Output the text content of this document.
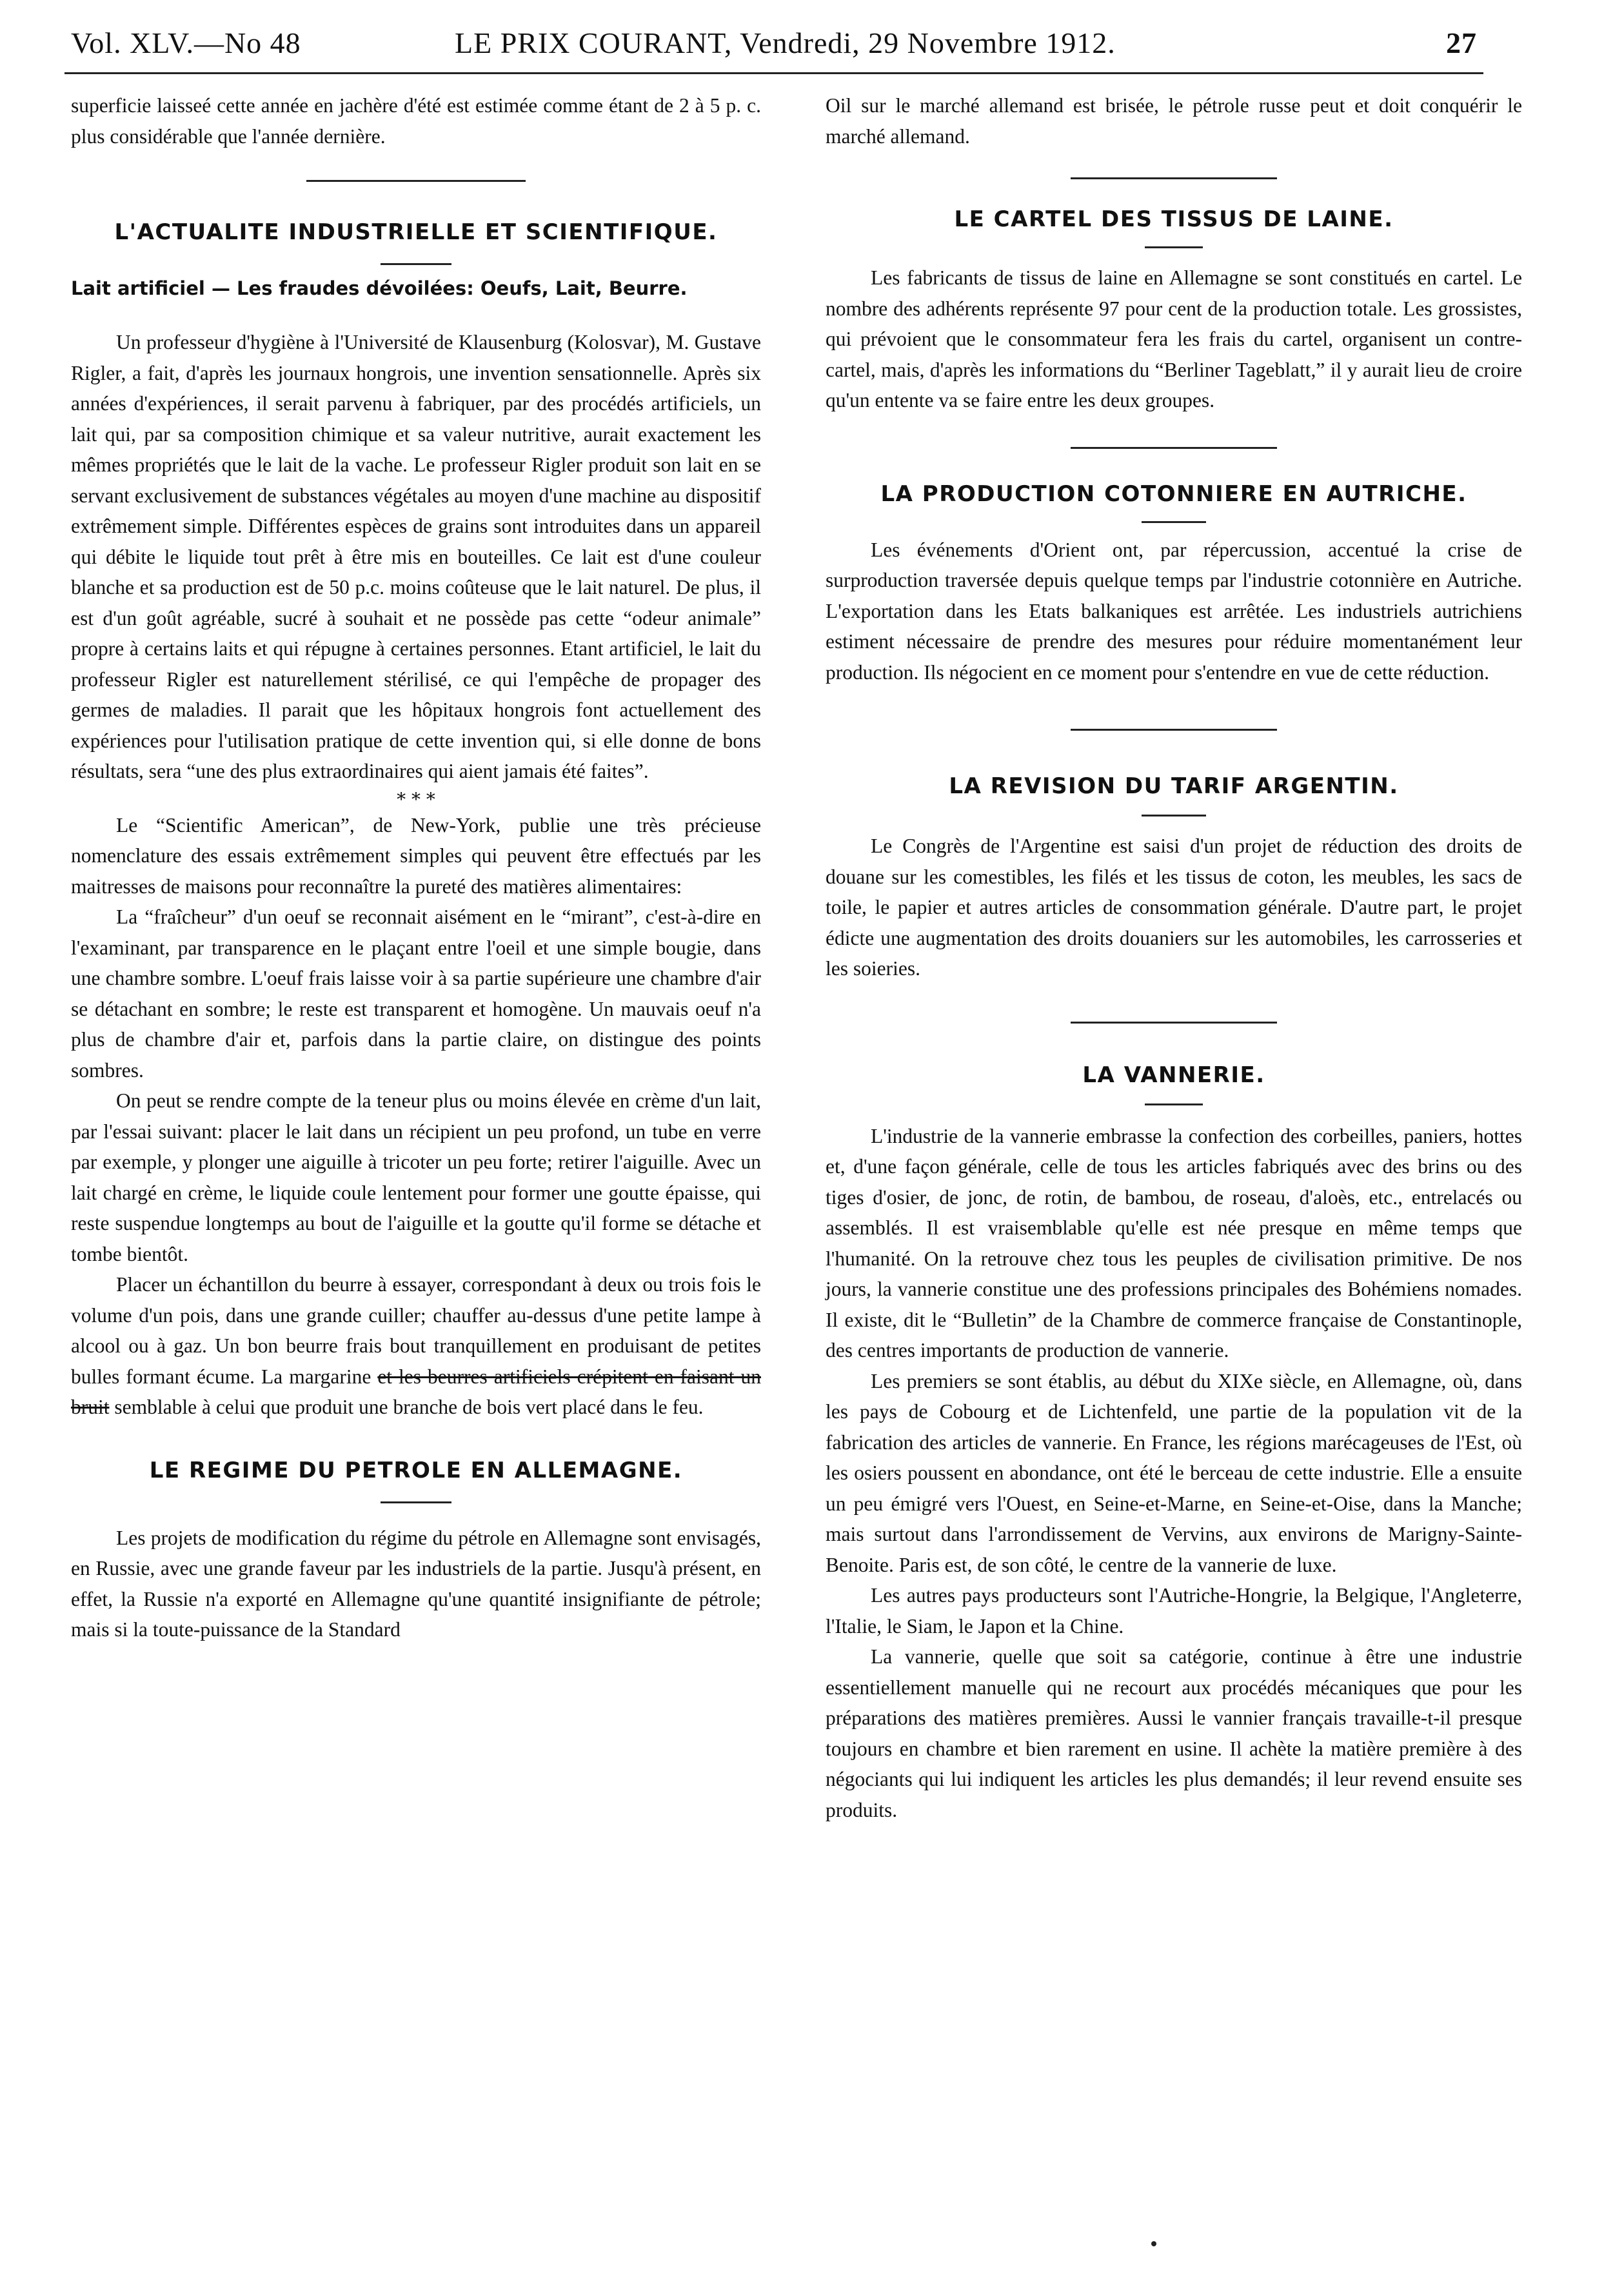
Vol. XLV.—No 48	LE PRIX COURANT, Vendredi, 29 Novembre 1912.	27

superficie laisseé cette année en jachère d'été est estimée comme étant de 2 à 5 p. c. plus considérable que l'année dernière.

L'ACTUALITE INDUSTRIELLE ET SCIENTIFIQUE.
Lait artificiel — Les fraudes dévoilées: Oeufs, Lait, Beurre.

Un professeur d'hygiène à l'Université de Klausenburg (Kolosvar), M. Gustave Rigler, a fait, d'après les journaux hongrois, une invention sensationnelle. Après six années d'expériences, il serait parvenu à fabriquer, par des procédés artificiels, un lait qui, par sa composition chimique et sa valeur nutritive, aurait exactement les mêmes propriétés que le lait de la vache. Le professeur Rigler produit son lait en se servant exclusivement de substances végétales au moyen d'une machine au dispositif extrêmement simple. Différentes espèces de grains sont introduites dans un appareil qui débite le liquide tout prêt à être mis en bouteilles. Ce lait est d'une couleur blanche et sa production est de 50 p.c. moins coûteuse que le lait naturel. De plus, il est d'un goût agréable, sucré à souhait et ne possède pas cette “odeur animale” propre à certains laits et qui répugne à certaines personnes. Etant artificiel, le lait du professeur Rigler est naturellement stérilisé, ce qui l'empêche de propager des germes de maladies. Il parait que les hôpitaux hongrois font actuellement des expériences pour l'utilisation pratique de cette invention qui, si elle donne de bons résultats, sera “une des plus extraordinaires qui aient jamais été faites”.

* * *

Le “Scientific American”, de New-York, publie une très précieuse nomenclature des essais extrêmement simples qui peuvent être effectués par les maitresses de maisons pour reconnaître la pureté des matières alimentaires:

La “fraîcheur” d'un oeuf se reconnait aisément en le “mirant”, c'est-à-dire en l'examinant, par transparence en le plaçant entre l'oeil et une simple bougie, dans une chambre sombre. L'oeuf frais laisse voir à sa partie supérieure une chambre d'air se détachant en sombre; le reste est transparent et homogène. Un mauvais oeuf n'a plus de chambre d'air et, parfois dans la partie claire, on distingue des points sombres.

On peut se rendre compte de la teneur plus ou moins élevée en crème d'un lait, par l'essai suivant: placer le lait dans un récipient un peu profond, un tube en verre par exemple, y plonger une aiguille à tricoter un peu forte; retirer l'aiguille. Avec un lait chargé en crème, le liquide coule lentement pour former une goutte épaisse, qui reste suspendue longtemps au bout de l'aiguille et la goutte qu'il forme se détache et tombe bientôt.

Placer un échantillon du beurre à essayer, correspondant à deux ou trois fois le volume d'un pois, dans une grande cuiller; chauffer au-dessus d'une petite lampe à alcool ou à gaz. Un bon beurre frais bout tranquillement en produisant de petites bulles formant écume. La margarine et les beurres artificiels crépitent en faisant un bruit semblable à celui que produit une branche de bois vert placé dans le feu.

LE REGIME DU PETROLE EN ALLEMAGNE.

Les projets de modification du régime du pétrole en Allemagne sont envisagés, en Russie, avec une grande faveur par les industriels de la partie. Jusqu'à présent, en effet, la Russie n'a exporté en Allemagne qu'une quantité insignifiante de pétrole; mais si la toute-puissance de la Standard

Oil sur le marché allemand est brisée, le pétrole russe peut et doit conquérir le marché allemand.

LE CARTEL DES TISSUS DE LAINE.

Les fabricants de tissus de laine en Allemagne se sont constitués en cartel. Le nombre des adhérents représente 97 pour cent de la production totale. Les grossistes, qui prévoient que le consommateur fera les frais du cartel, organisent un contre-cartel, mais, d'après les informations du “Berliner Tageblatt,” il y aurait lieu de croire qu'un entente va se faire entre les deux groupes.

LA PRODUCTION COTONNIERE EN AUTRICHE.

Les événements d'Orient ont, par répercussion, accentué la crise de surproduction traversée depuis quelque temps par l'industrie cotonnière en Autriche. L'exportation dans les Etats balkaniques est arrêtée. Les industriels autrichiens estiment nécessaire de prendre des mesures pour réduire momentanément leur production. Ils négocient en ce moment pour s'entendre en vue de cette réduction.

LA REVISION DU TARIF ARGENTIN.

Le Congrès de l'Argentine est saisi d'un projet de réduction des droits de douane sur les comestibles, les filés et les tissus de coton, les meubles, les sacs de toile, le papier et autres articles de consommation générale. D'autre part, le projet édicte une augmentation des droits douaniers sur les automobiles, les carrosseries et les soieries.

LA VANNERIE.

L'industrie de la vannerie embrasse la confection des corbeilles, paniers, hottes et, d'une façon générale, celle de tous les articles fabriqués avec des brins ou des tiges d'osier, de jonc, de rotin, de bambou, de roseau, d'aloès, etc., entrelacés ou assemblés. Il est vraisemblable qu'elle est née presque en même temps que l'humanité. On la retrouve chez tous les peuples de civilisation primitive. De nos jours, la vannerie constitue une des professions principales des Bohémiens nomades. Il existe, dit le “Bulletin” de la Chambre de commerce française de Constantinople, des centres importants de production de vannerie.

Les premiers se sont établis, au début du XIXe siècle, en Allemagne, où, dans les pays de Cobourg et de Lichtenfeld, une partie de la population vit de la fabrication des articles de vannerie. En France, les régions marécageuses de l'Est, où les osiers poussent en abondance, ont été le berceau de cette industrie. Elle a ensuite un peu émigré vers l'Ouest, en Seine-et-Marne, en Seine-et-Oise, dans la Manche; mais surtout dans l'arrondissement de Vervins, aux environs de Marigny-Sainte-Benoite. Paris est, de son côté, le centre de la vannerie de luxe.

Les autres pays producteurs sont l'Autriche-Hongrie, la Belgique, l'Angleterre, l'Italie, le Siam, le Japon et la Chine.

La vannerie, quelle que soit sa catégorie, continue à être une industrie essentiellement manuelle qui ne recourt aux procédés mécaniques que pour les préparations des matières premières. Aussi le vannier français travaille-t-il presque toujours en chambre et bien rarement en usine. Il achète la matière première à des négociants qui lui indiquent les articles les plus demandés; il leur revend ensuite ses produits.
